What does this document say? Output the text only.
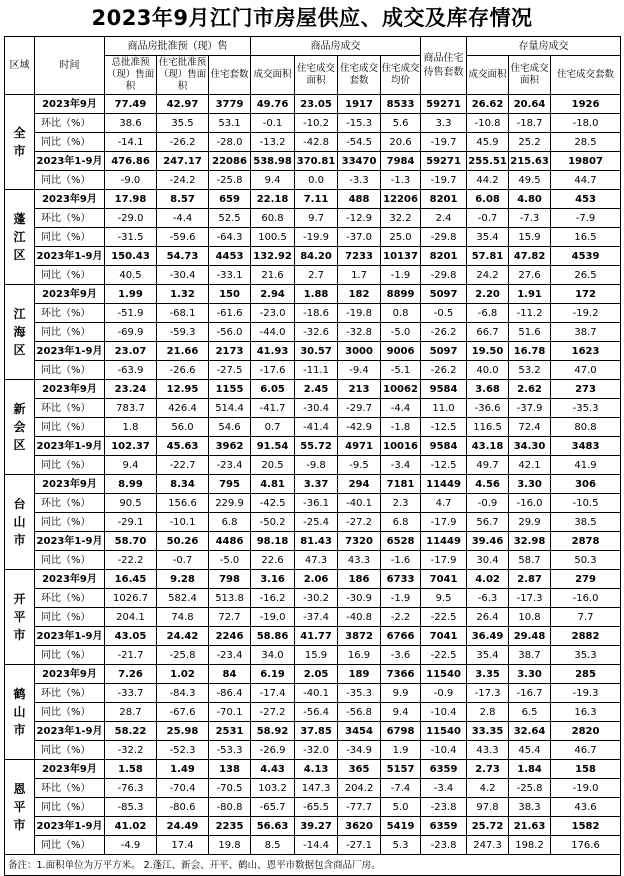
2023年9月江门市房屋供应、成交及库存情况
区域	时间	商品房批准预（现）售			商品房成交				商品住宅待售套数	存量房成交		
		总批准预（现）售面积	住宅批准预（现）售面积	住宅套数	成交面积	住宅成交面积	住宅成交套数	住宅成交均价		成交面积	住宅成交面积	住宅成交套数
全市	2023年9月	77.49	42.97	3779	49.76	23.05	1917	8533	59271	26.62	20.64	1926
	环比（%）	38.6	35.5	53.1	-0.1	-10.2	-15.3	5.6	3.3	-10.8	-18.7	-18.0
	同比（%）	-14.1	-26.2	-28.0	-13.2	-42.8	-54.5	20.6	-19.7	45.9	25.2	28.5
	2023年1-9月	476.86	247.17	22086	538.98	370.81	33470	7984	59271	255.51	215.63	19807
	同比（%）	-9.0	-24.2	-25.8	9.4	0.0	-3.3	-1.3	-19.7	44.2	49.5	44.7
蓬江区	2023年9月	17.98	8.57	659	22.18	7.11	488	12206	8201	6.08	4.80	453
	环比（%）	-29.0	-4.4	52.5	60.8	9.7	-12.9	32.2	2.4	-0.7	-7.3	-7.9
	同比（%）	-31.5	-59.6	-64.3	100.5	-19.9	-37.0	25.0	-29.8	35.4	15.9	16.5
	2023年1-9月	150.43	54.73	4453	132.92	84.20	7233	10137	8201	57.81	47.82	4539
	同比（%）	40.5	-30.4	-33.1	21.6	2.7	1.7	-1.9	-29.8	24.2	27.6	26.5
江海区	2023年9月	1.99	1.32	150	2.94	1.88	182	8899	5097	2.20	1.91	172
	环比（%）	-51.9	-68.1	-61.6	-23.0	-18.6	-19.8	0.8	-0.5	-6.8	-11.2	-19.2
	同比（%）	-69.9	-59.3	-56.0	-44.0	-32.6	-32.8	-5.0	-26.2	66.7	51.6	38.7
	2023年1-9月	23.07	21.66	2173	41.93	30.57	3000	9006	5097	19.50	16.78	1623
	同比（%）	-63.9	-26.6	-27.5	-17.6	-11.1	-9.4	-5.1	-26.2	40.0	53.2	47.0
新会区	2023年9月	23.24	12.95	1155	6.05	2.45	213	10062	9584	3.68	2.62	273
	环比（%）	783.7	426.4	514.4	-41.7	-30.4	-29.7	-4.4	11.0	-36.6	-37.9	-35.3
	同比（%）	1.8	56.0	54.6	0.7	-41.4	-42.9	-1.8	-12.5	116.5	72.4	80.8
	2023年1-9月	102.37	45.63	3962	91.54	55.72	4971	10016	9584	43.18	34.30	3483
	同比（%）	9.4	-22.7	-23.4	20.5	-9.8	-9.5	-3.4	-12.5	49.7	42.1	41.9
台山市	2023年9月	8.99	8.34	795	4.81	3.37	294	7181	11449	4.56	3.30	306
	环比（%）	90.5	156.6	229.9	-42.5	-36.1	-40.1	2.3	4.7	-0.9	-16.0	-10.5
	同比（%）	-29.1	-10.1	6.8	-50.2	-25.4	-27.2	6.8	-17.9	56.7	29.9	38.5
	2023年1-9月	58.70	50.26	4486	98.18	81.43	7320	6528	11449	39.46	32.98	2878
	同比（%）	-22.2	-0.7	-5.0	22.6	47.3	43.3	-1.6	-17.9	30.4	58.7	50.3
开平市	2023年9月	16.45	9.28	798	3.16	2.06	186	6733	7041	4.02	2.87	279
	环比（%）	1026.7	582.4	513.8	-16.2	-30.2	-30.9	-1.9	9.5	-6.3	-17.3	-16.0
	同比（%）	204.1	74.8	72.7	-19.0	-37.4	-40.8	-2.2	-22.5	26.4	10.8	7.7
	2023年1-9月	43.05	24.42	2246	58.86	41.77	3872	6766	7041	36.49	29.48	2882
	同比（%）	-21.7	-25.8	-23.4	34.0	15.9	16.9	-3.6	-22.5	35.4	38.7	35.3
鹤山市	2023年9月	7.26	1.02	84	6.19	2.05	189	7366	11540	3.35	3.30	285
	环比（%）	-33.7	-84.3	-86.4	-17.4	-40.1	-35.3	9.9	-0.9	-17.3	-16.7	-19.3
	同比（%）	28.7	-67.6	-70.1	-27.2	-56.4	-56.8	9.4	-10.4	2.8	6.5	16.3
	2023年1-9月	58.22	25.98	2531	58.92	37.85	3454	6798	11540	33.35	32.64	2820
	同比（%）	-32.2	-52.3	-53.3	-26.9	-32.0	-34.9	1.9	-10.4	43.3	45.4	46.7
恩平市	2023年9月	1.58	1.49	138	4.43	4.13	365	5157	6359	2.73	1.84	158
	环比（%）	-76.3	-70.4	-70.5	103.2	147.3	204.2	-7.4	-3.4	4.2	-25.8	-19.0
	同比（%）	-85.3	-80.6	-80.8	-65.7	-65.5	-77.7	5.0	-23.8	97.8	38.3	43.6
	2023年1-9月	41.02	24.49	2235	56.63	39.27	3620	5419	6359	25.72	21.63	1582
	同比（%）	-4.9	17.4	19.8	8.5	-14.4	-27.1	5.3	-23.8	247.3	198.2	176.6
备注：1.面积单位为万平方米。 2.蓬江、新会、开平、鹤山、恩平市数据包含商品厂房。												
